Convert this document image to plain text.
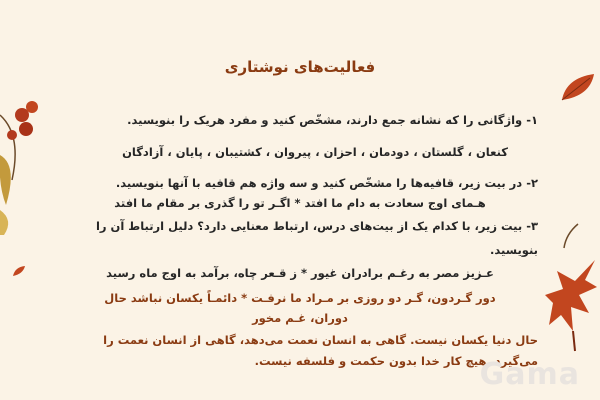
فعالیت‌های نوشتاری
۱- واژگانی را که نشانه جمع دارند، مشخّص کنید و مفرد هریک را بنویسید.
کنعان ، گلستان ، دودمان ، احزان ، پیروان ، کشتیبان ، پایان ، آزادگان
۲- در بیت زیر، قافیه‌ها را مشخّص کنید و سه واژه هم قافیه با آنها بنویسید.
هـمای اوج سعادت به دام ما افتد * اگـر تو را گذری بر مقام ما افتد
۳- بیت زیر، با کدام یک از بیت‌های درس، ارتباط معنایی دارد؟ دلیل ارتباط آن را
بنویسید.
عـزیز مصر به رغـم برادران غیور * ز قـعر چاه، برآمد به اوج ماه رسید
دور گـردون، گـر دو روزی بر مـراد ما نرفـت * دائمـاً یکسان نباشد حال
دوران، غـم مخور
حال دنیا یکسان نیست. گاهی به انسان نعمت می‌دهد، گاهی از انسان نعمت را
می‌گیرد. هیچ کار خدا بدون حکمت و فلسفه نیست.
Gama
